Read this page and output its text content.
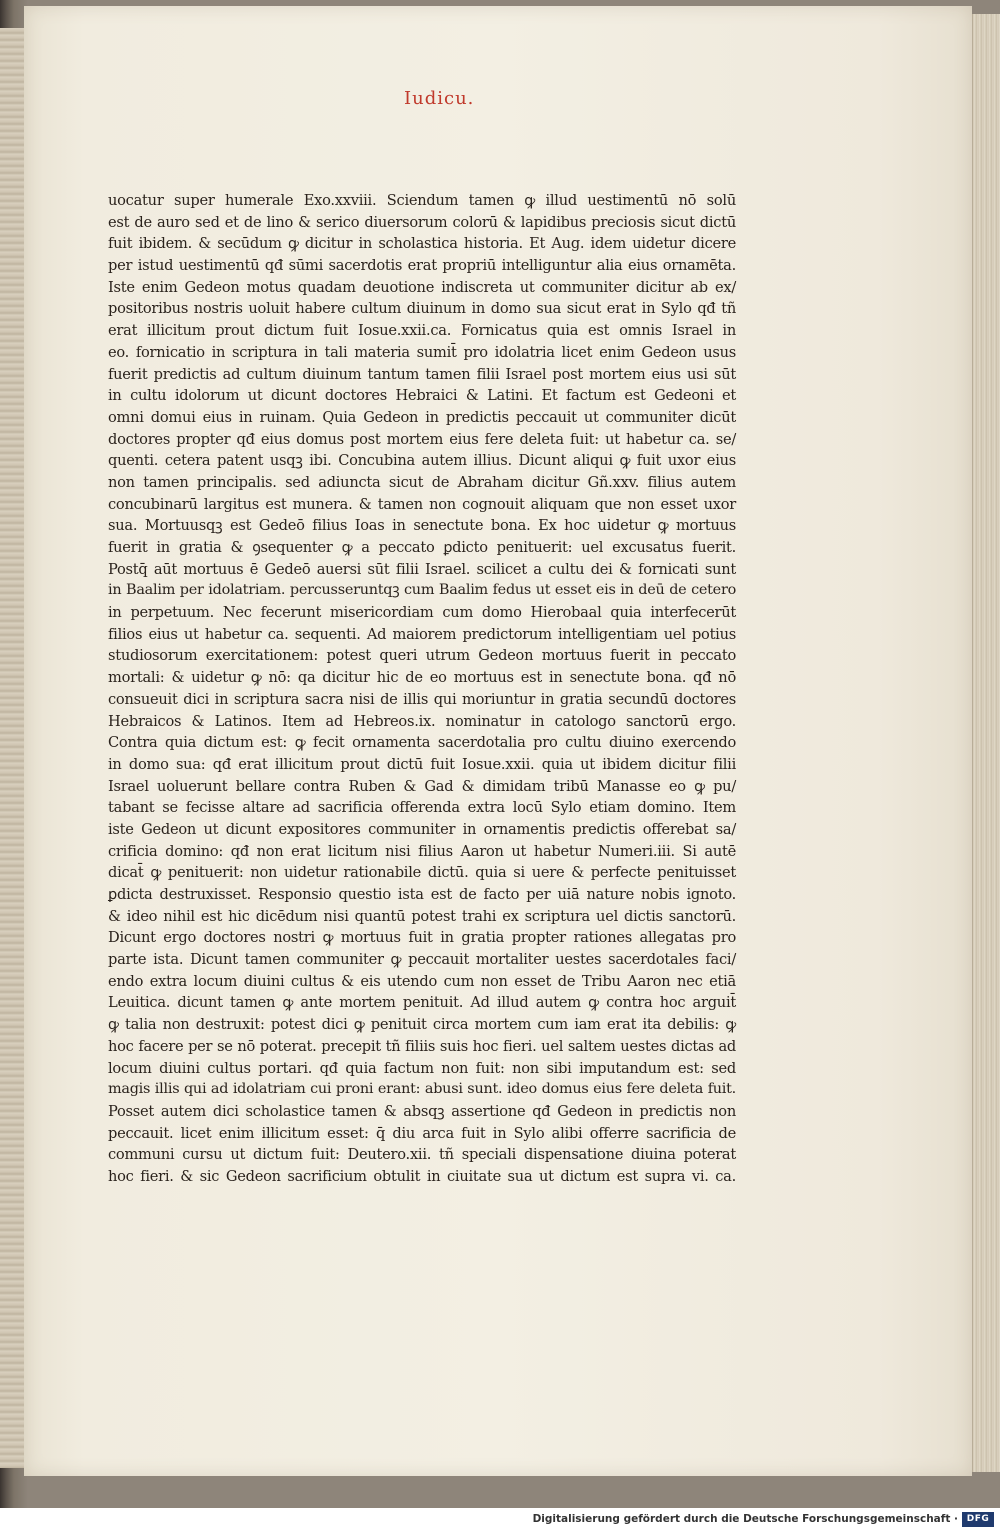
Iudicu.
uocatur super humerale Exo.xxviii. Sciendum tamen ꝙ illud uestimentū nō solū
est de auro sed et de lino & serico diuersorum colorū & lapidibus preciosis sicut dictū
fuit ibidem. & secūdum ꝙ dicitur in scholastica historia. Et Aug. idem uidetur dicere
per istud uestimentū qđ sūmi sacerdotis erat propriū intelliguntur alia eius ornamēta.
Iste enim Gedeon motus quadam deuotione indiscreta ut communiter dicitur ab ex/
positoribus nostris uoluit habere cultum diuinum in domo sua sicut erat in Sylo qđ tñ
erat illicitum prout dictum fuit Iosue.xxii.ca. Fornicatus quia est omnis Israel in
eo. fornicatio in scriptura in tali materia sumit̄ pro idolatria licet enim Gedeon usus
fuerit predictis ad cultum diuinum tantum tamen filii Israel post mortem eius usi sūt
in cultu idolorum ut dicunt doctores Hebraici & Latini. Et factum est Gedeoni et
omni domui eius in ruinam. Quia Gedeon in predictis peccauit ut communiter dicūt
doctores propter qđ eius domus post mortem eius fere deleta fuit: ut habetur ca. se/
quenti. cetera patent usqꝫ ibi. Concubina autem illius. Dicunt aliqui ꝙ fuit uxor eius
non tamen principalis. sed adiuncta sicut de Abraham dicitur Gñ.xxv. filius autem
concubinarū largitus est munera. & tamen non cognouit aliquam que non esset uxor
sua. Mortuusqꝫ est Gedeō filius Ioas in senectute bona. Ex hoc uidetur ꝙ mortuus
fuerit in gratia & ꝯsequenter ꝙ a peccato ꝑdicto penituerit: uel excusatus fuerit.
Postq̄ aūt mortuus ē Gedeō auersi sūt filii Israel. scilicet a cultu dei & fornicati sunt
in Baalim per idolatriam. percusseruntqꝫ cum Baalim fedus ut esset eis in deū de cetero
in perpetuum. Nec fecerunt misericordiam cum domo Hierobaal quia interfecerūt
filios eius ut habetur ca. sequenti. Ad maiorem predictorum intelligentiam uel potius
studiosorum exercitationem: potest queri utrum Gedeon mortuus fuerit in peccato
mortali: & uidetur ꝙ nō: qa dicitur hic de eo mortuus est in senectute bona. qđ nō
consueuit dici in scriptura sacra nisi de illis qui moriuntur in gratia secundū doctores
Hebraicos & Latinos. Item ad Hebreos.ix. nominatur in catologo sanctorū ergo.
Contra quia dictum est: ꝙ fecit ornamenta sacerdotalia pro cultu diuino exercendo
in domo sua: qđ erat illicitum prout dictū fuit Iosue.xxii. quia ut ibidem dicitur filii
Israel uoluerunt bellare contra Ruben & Gad & dimidam tribū Manasse eo ꝙ pu/
tabant se fecisse altare ad sacrificia offerenda extra locū Sylo etiam domino. Item
iste Gedeon ut dicunt expositores communiter in ornamentis predictis offerebat sa/
crificia domino: qđ non erat licitum nisi filius Aaron ut habetur Numeri.iii. Si autē
dicat̄ ꝙ penituerit: non uidetur rationabile dictū. quia si uere & perfecte penituisset
ꝑdicta destruxisset. Responsio questio ista est de facto per uiā nature nobis ignoto.
& ideo nihil est hic dicēdum nisi quantū potest trahi ex scriptura uel dictis sanctorū.
Dicunt ergo doctores nostri ꝙ mortuus fuit in gratia propter rationes allegatas pro
parte ista. Dicunt tamen communiter ꝙ peccauit mortaliter uestes sacerdotales faci/
endo extra locum diuini cultus & eis utendo cum non esset de Tribu Aaron nec etiā
Leuitica. dicunt tamen ꝙ ante mortem penituit. Ad illud autem ꝙ contra hoc arguit̄
ꝙ talia non destruxit: potest dici ꝙ penituit circa mortem cum iam erat ita debilis: ꝙ
hoc facere per se nō poterat. precepit tñ filiis suis hoc fieri. uel saltem uestes dictas ad
locum diuini cultus portari. qđ quia factum non fuit: non sibi imputandum est: sed
magis illis qui ad idolatriam cui proni erant: abusi sunt. ideo domus eius fere deleta fuit.
Posset autem dici scholastice tamen & absqꝫ assertione qđ Gedeon in predictis non
peccauit. licet enim illicitum esset: q̄ diu arca fuit in Sylo alibi offerre sacrificia de
communi cursu ut dictum fuit: Deutero.xii. tñ speciali dispensatione diuina poterat
hoc fieri. & sic Gedeon sacrificium obtulit in ciuitate sua ut dictum est supra vi. ca.
Digitalisierung gefördert durch die Deutsche Forschungsgemeinschaft · DFG
